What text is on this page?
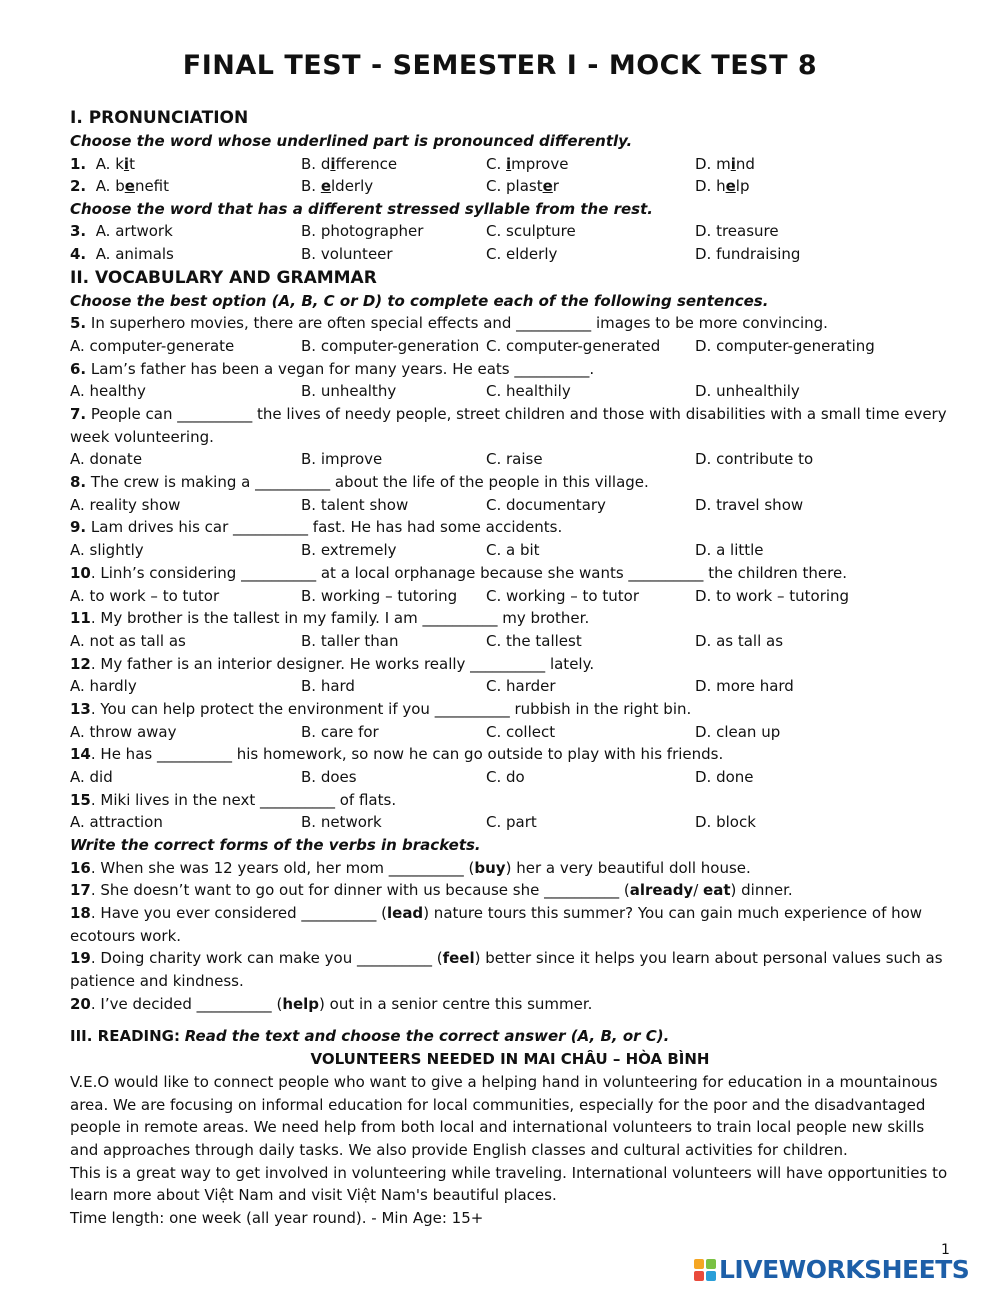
FINAL TEST - SEMESTER I - MOCK TEST 8
I. PRONUNCIATION
Choose the word whose underlined part is pronounced differently.
1. A. kit	B. difference	C. improve	D. mind
2. A. benefit	B. elderly	C. plaster	D. help
Choose the word that has a different stressed syllable from the rest.
3. A. artwork	B. photographer	C. sculpture	D. treasure
4. A. animals	B. volunteer	C. elderly	D. fundraising
II. VOCABULARY AND GRAMMAR
Choose the best option (A, B, C or D) to complete each of the following sentences.
5. In superhero movies, there are often special effects and __________ images to be more convincing.
A. computer-generate	B. computer-generation C. computer-generated D. computer-generating
6. Lam’s father has been a vegan for many years. He eats __________.
A. healthy	B. unhealthy	C. healthily	D. unhealthily
7. People can __________ the lives of needy people, street children and those with disabilities with a small time every week volunteering.
A. donate	B. improve	C. raise	D. contribute to
8. The crew is making a __________ about the life of the people in this village.
A. reality show	B. talent show	C. documentary	D. travel show
9. Lam drives his car __________ fast. He has had some accidents.
A. slightly	B. extremely	C. a bit	D. a little
10. Linh’s considering __________ at a local orphanage because she wants __________ the children there.
A. to work – to tutor	B. working – tutoring C. working – to tutor	D. to work – tutoring
11. My brother is the tallest in my family. I am __________ my brother.
A. not as tall as	B. taller than	C. the tallest	D. as tall as
12. My father is an interior designer. He works really __________ lately.
A. hardly	B. hard	C. harder	D. more hard
13. You can help protect the environment if you __________ rubbish in the right bin.
A. throw away	B. care for	C. collect	D. clean up
14. He has __________ his homework, so now he can go outside to play with his friends.
A. did	B. does	C. do	D. done
15. Miki lives in the next __________ of flats.
A. attraction	B. network	C. part	D. block
Write the correct forms of the verbs in brackets.
16. When she was 12 years old, her mom __________ (buy) her a very beautiful doll house.
17. She doesn’t want to go out for dinner with us because she __________ (already/ eat) dinner.
18. Have you ever considered __________ (lead) nature tours this summer? You can gain much experience of how ecotours work.
19. Doing charity work can make you __________ (feel) better since it helps you learn about personal values such as patience and kindness.
20. I’ve decided __________ (help) out in a senior centre this summer.
III. READING: Read the text and choose the correct answer (A, B, or C).
VOLUNTEERS NEEDED IN MAI CHÂU – HÒA BÌNH
V.E.O would like to connect people who want to give a helping hand in volunteering for education in a mountainous area. We are focusing on informal education for local communities, especially for the poor and the disadvantaged people in remote areas. We need help from both local and international volunteers to train local people new skills and approaches through daily tasks. We also provide English classes and cultural activities for children.
This is a great way to get involved in volunteering while traveling. International volunteers will have opportunities to learn more about Việt Nam and visit Việt Nam's beautiful places.
Time length: one week (all year round). - Min Age: 15+
1
LIVEWORKSHEETS
